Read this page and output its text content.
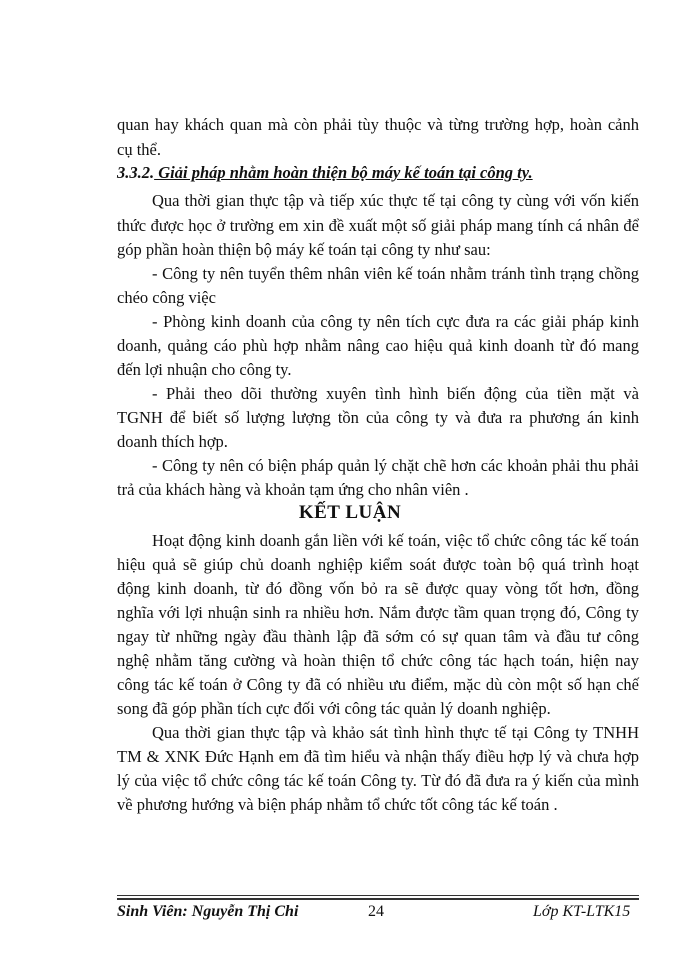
quan hay khách quan mà còn phải tùy thuộc và từng trường hợp, hoàn cảnh
cụ thể.
3.3.2. Giải pháp nhằm hoàn thiện bộ máy kế toán tại công ty.
Qua thời gian thực tập và tiếp xúc thực tế tại công ty cùng với vốn kiến
thức được học ở trường em xin đề xuất một số giải pháp mang tính cá nhân để
góp phần hoàn thiện bộ máy kế toán tại công ty như sau:
- Công ty nên tuyển thêm nhân viên kế toán nhằm tránh tình trạng chồng
chéo công việc
- Phòng kinh doanh của công ty nên tích cực đưa ra các giải pháp kinh
doanh, quảng cáo phù hợp nhằm nâng cao hiệu quả kinh doanh từ đó mang
đến lợi nhuận cho công ty.
- Phải theo dõi thường xuyên tình hình biến động của tiền mặt và
TGNH để biết số lượng lượng tồn của công ty và đưa ra phương án kinh
doanh thích hợp.
- Công ty nên có biện pháp quản lý chặt chẽ hơn các khoản phải thu phải
trả của khách hàng và khoản tạm ứng cho nhân viên .
KẾT LUẬN
Hoạt động kinh doanh gắn liền với kế toán, việc tổ chức công tác kế toán
hiệu quả sẽ giúp chủ doanh nghiệp kiểm soát được toàn bộ quá trình hoạt
động kinh doanh, từ đó đồng vốn bỏ ra sẽ được quay vòng tốt hơn, đồng
nghĩa với lợi nhuận sinh ra nhiều hơn. Nắm được tầm quan trọng đó, Công ty
ngay từ những ngày đầu thành lập đã sớm có sự quan tâm và đầu tư công
nghệ nhằm tăng cường và hoàn thiện tổ chức công tác hạch toán, hiện nay
công tác kế toán ở Công ty đã có nhiều ưu điểm, mặc dù còn một số hạn chế
song đã góp phần tích cực đối với công tác quản lý doanh nghiệp.
Qua thời gian thực tập và khảo sát tình hình thực tế tại Công ty TNHH
TM & XNK Đức Hạnh em đã tìm hiểu và nhận thấy điều hợp lý và chưa hợp
lý của việc tổ chức công tác kế toán Công ty. Từ đó đã đưa ra ý kiến của mình
về phương hướng và biện pháp nhằm tổ chức tốt công tác kế toán .
Sinh Viên: Nguyễn Thị Chi	24	Lớp KT-LTK15
